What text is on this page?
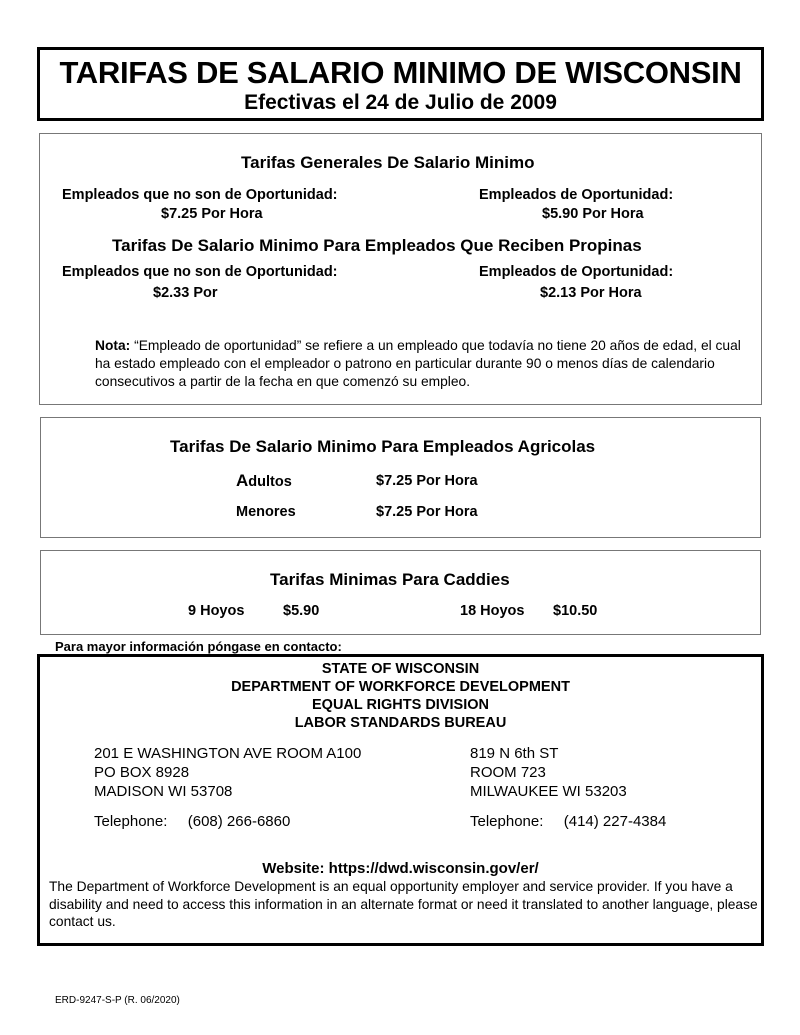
TARIFAS DE SALARIO MINIMO DE WISCONSIN
Efectivas el 24 de Julio de 2009
Tarifas Generales De Salario Minimo
Empleados que no son de Oportunidad:
$7.25 Por Hora
Empleados de Oportunidad:
$5.90 Por Hora
Tarifas De Salario Minimo Para Empleados Que Reciben Propinas
Empleados que no son de Oportunidad:
$2.33 Por
Empleados de Oportunidad:
$2.13 Por Hora
Nota: “Empleado de oportunidad” se refiere a un empleado que todavía no tiene 20 años de edad, el cual ha estado empleado con el empleador o patrono en particular durante 90 o menos días de calendario consecutivos a partir de la fecha en que comenzó su empleo.
Tarifas De Salario Minimo Para Empleados Agricolas
Adultos	$7.25 Por Hora
Menores	$7.25 Por Hora
Tarifas Minimas Para Caddies
9 Hoyos	$5.90	18 Hoyos $10.50
Para mayor información póngase en contacto:
STATE OF WISCONSIN
DEPARTMENT OF WORKFORCE DEVELOPMENT
EQUAL RIGHTS DIVISION
LABOR STANDARDS BUREAU
201 E WASHINGTON AVE ROOM A100
PO BOX 8928
MADISON WI 53708
Telephone: (608) 266-6860
819 N 6th ST
ROOM 723
MILWAUKEE WI 53203
Telephone: (414) 227-4384
Website: https://dwd.wisconsin.gov/er/
The Department of Workforce Development is an equal opportunity employer and service provider. If you have a disability and need to access this information in an alternate format or need it translated to another language, please contact us.
ERD-9247-S-P (R. 06/2020)
